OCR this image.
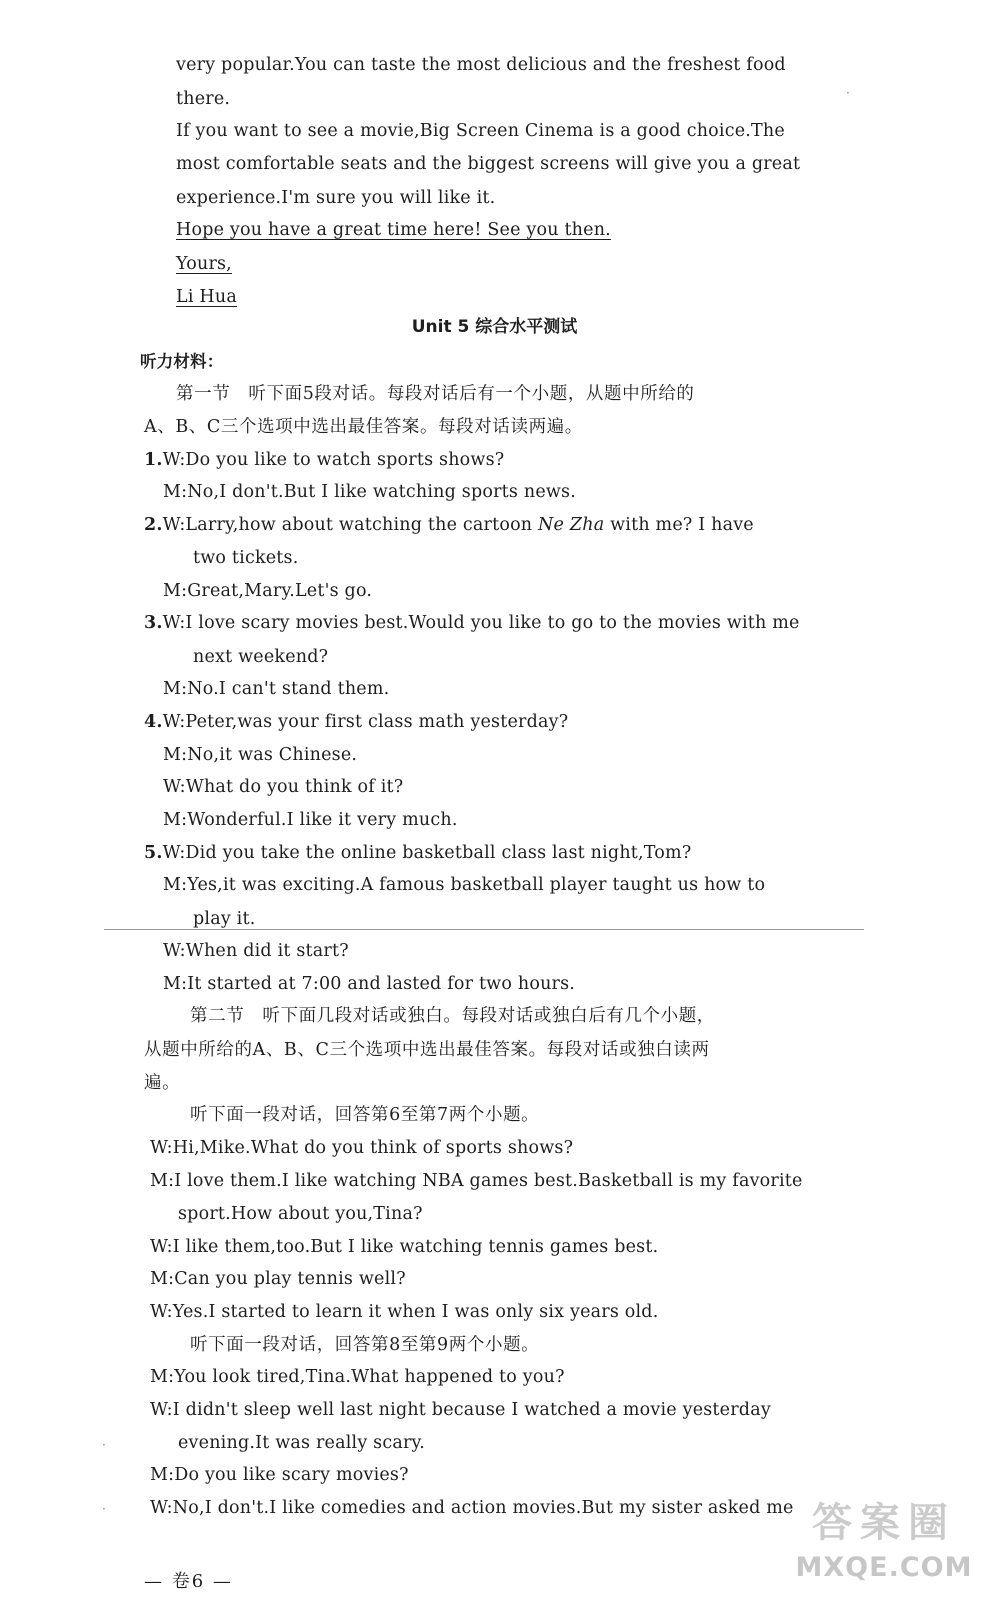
very popular.You can taste the most delicious and the freshest food
there.
If you want to see a movie,Big Screen Cinema is a good choice.The
most comfortable seats and the biggest screens will give you a great
experience.I'm sure you will like it.
Hope you have a great time here! See you then.
Yours,
Li Hua
·
Unit 5 综合水平测试
听力材料：
第一节　听下面5段对话。每段对话后有一个小题，从题中所给的
A、B、C三个选项中选出最佳答案。每段对话读两遍。
1.W:Do you like to watch sports shows?
M:No,I don't.But I like watching sports news.
2.W:Larry,how about watching the cartoon Ne Zha with me? I have
two tickets.
M:Great,Mary.Let's go.
3.W:I love scary movies best.Would you like to go to the movies with me
next weekend?
M:No.I can't stand them.
4.W:Peter,was your first class math yesterday?
M:No,it was Chinese.
W:What do you think of it?
M:Wonderful.I like it very much.
5.W:Did you take the online basketball class last night,Tom?
M:Yes,it was exciting.A famous basketball player taught us how to
play it.
W:When did it start?
M:It started at 7:00 and lasted for two hours.
第二节　听下面几段对话或独白。每段对话或独白后有几个小题，
从题中所给的A、B、C三个选项中选出最佳答案。每段对话或独白读两
遍。
听下面一段对话，回答第6至第7两个小题。
W:Hi,Mike.What do you think of sports shows?
M:I love them.I like watching NBA games best.Basketball is my favorite
sport.How about you,Tina?
W:I like them,too.But I like watching tennis games best.
M:Can you play tennis well?
W:Yes.I started to learn it when I was only six years old.
听下面一段对话，回答第8至第9两个小题。
M:You look tired,Tina.What happened to you?
W:I didn't sleep well last night because I watched a movie yesterday
evening.It was really scary.
M:Do you like scary movies?
W:No,I don't.I like comedies and action movies.But my sister asked me
·
·
— 卷6 —
答案圈
MXQE.COM
